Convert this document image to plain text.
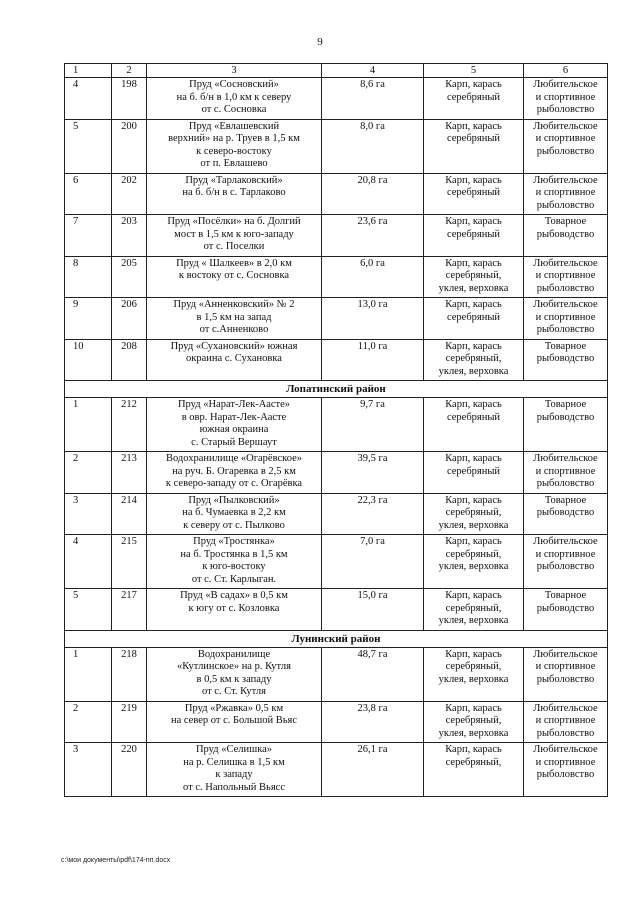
9
1	2	3	4	5	6
4	198	Пруд «Сосновский»
на б. б/н в 1,0 км к северу
от с. Сосновка	8,6 га	Карп, карась
серебряный	Любительское
и спортивное
рыболовство

5	200	Пруд «Евлашевский
верхний» на р. Труев в 1,5 км
к северо-востоку
от п. Евлашево	8,0 га	Карп, карась
серебряный	Любительское
и спортивное
рыболовство

6	202	Пруд «Тарлаковский»
на б. б/н в с. Тарлаково	20,8 га	Карп, карась
серебряный	Любительское
и спортивное
рыболовство

7	203	Пруд «Посёлки» на б. Долгий
мост в 1,5 км к юго-западу
от с. Поселки	23,6 га	Карп, карась
серебряный	Товарное
рыбоводство

8	205	Пруд « Шалкеев» в 2,0 км
к востоку от с. Сосновка	6,0 га	Карп, карась
серебряный,
уклея, верховка	Любительское
и спортивное
рыболовство

9	206	Пруд «Анненковский» № 2
в 1,5 км на запад
от с.Анненково	13,0 га	Карп, карась
серебряный	Любительское
и спортивное
рыболовство

10	208	Пруд «Сухановский» южная
окраина с. Сухановка	11,0 га	Карп, карась
серебряный,
уклея, верховка	Товарное
рыбоводство

Лопатинский район					
1	212	Пруд «Нарат-Лек-Аасте»
в овр. Нарат-Лек-Аасте
южная окраина
с. Старый Вершаут	9,7 га	Карп, карась
серебряный	Товарное
рыбоводство

2	213	Водохранилище «Огарёвское»
на руч. Б. Огаревка в 2,5 км
к северо-западу от с. Огарёвка	39,5 га	Карп, карась
серебряный	Любительское
и спортивное
рыболовство

3	214	Пруд «Пылковский»
на б. Чумаевка в 2,2 км
к северу от с. Пылково	22,3 га	Карп, карась
серебряный,
уклея, верховка	Товарное
рыбоводство

4	215	Пруд «Тростянка»
на б. Тростянка в 1,5 км
к юго-востоку
от с. Ст. Карлыган.	7,0 га	Карп, карась
серебряный,
уклея, верховка	Любительское
и спортивное
рыболовство

5	217	Пруд «В садах» в 0,5 км
к югу от с. Козловка	15,0 га	Карп, карась
серебряный,
уклея, верховка	Товарное
рыбоводство

Лунинский район					
1	218	Водохранилище
«Кутлинское» на р. Кутля
в 0,5 км к западу
от с. Ст. Кутля	48,7 га	Карп, карась
серебряный,
уклея, верховка	Любительское
и спортивное
рыболовство

2	219	Пруд «Ржавка» 0,5 км
на север от с. Большой Вьяс	23,8 га	Карп, карась
серебряный,
уклея, верховка	Любительское
и спортивное
рыболовство

3	220	Пруд «Селишка»
на р. Селишка в 1,5 км
к западу
от с. Напольный Вьясс	26,1 га	Карп, карась
серебряный,	Любительское
и спортивное
рыболовство
c:\мои документы\pdf\174-пп.docx
